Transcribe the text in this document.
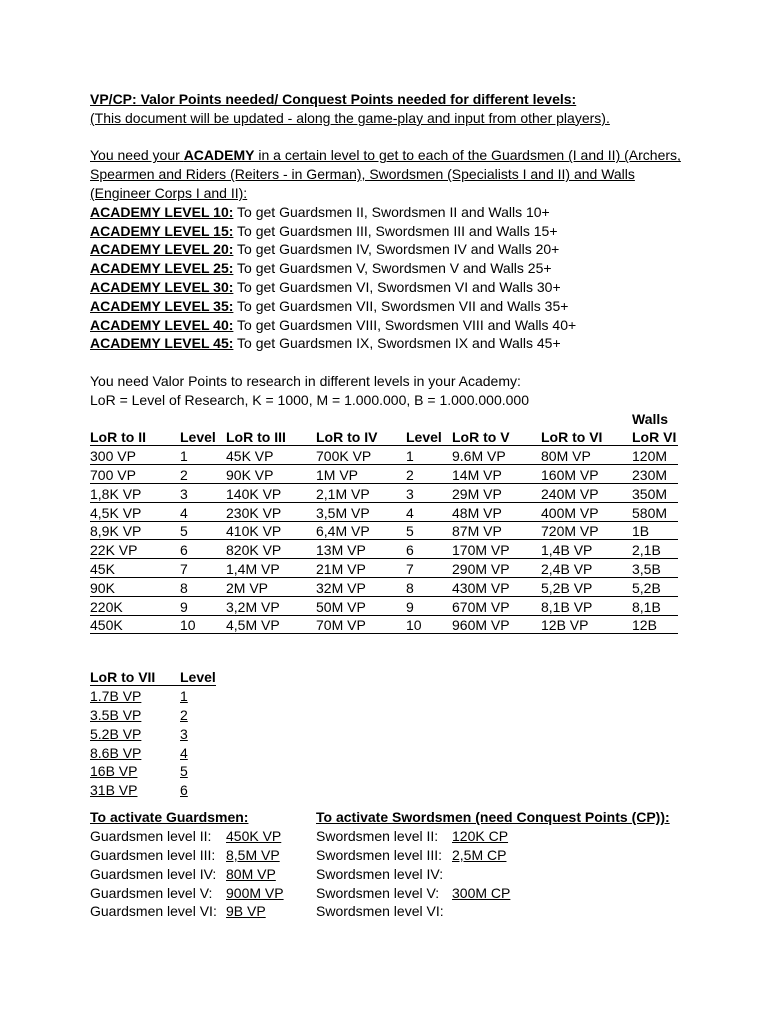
VP/CP: Valor Points needed/ Conquest Points needed for different levels:
(This document will be updated - along the game-play and input from other players).
You need your ACADEMY in a certain level to get to each of the Guardsmen (I and II) (Archers,
Spearmen and Riders (Reiters - in German), Swordsmen (Specialists I and II) and Walls
(Engineer Corps I and II):
ACADEMY LEVEL 10: To get Guardsmen II, Swordsmen II and Walls 10+
ACADEMY LEVEL 15: To get Guardsmen III, Swordsmen III and Walls 15+
ACADEMY LEVEL 20: To get Guardsmen IV, Swordsmen IV and Walls 20+
ACADEMY LEVEL 25: To get Guardsmen V, Swordsmen V and Walls 25+
ACADEMY LEVEL 30: To get Guardsmen VI, Swordsmen VI and Walls 30+
ACADEMY LEVEL 35: To get Guardsmen VII, Swordsmen VII and Walls 35+
ACADEMY LEVEL 40: To get Guardsmen VIII, Swordsmen VIII and Walls 40+
ACADEMY LEVEL 45: To get Guardsmen IX, Swordsmen IX and Walls 45+
You need Valor Points to research in different levels in your Academy:
LoR = Level of Research, K = 1000, M = 1.000.000, B = 1.000.000.000
Walls
LoR to II Level LoR to III LoR to IV Level LoR to V LoR to VI LoR VI
300 VP	1	45K VP	700K VP 1	9.6M VP	80M VP	120M
700 VP	2	90K VP	1M VP	2	14M VP	160M VP 230M
1,8K VP	3	140K VP 2,1M VP	3	29M VP	240M VP 350M
4,5K VP	4	230K VP 3,5M VP	4	48M VP	400M VP 580M
8,9K VP	5	410K VP 6,4M VP	5	87M VP	720M VP 1B
22K VP	6	820K VP 13M VP	6	170M VP 1,4B VP	2,1B
45K	7	1,4M VP	21M VP	7	290M VP 2,4B VP	3,5B
90K	8	2M VP	32M VP	8	430M VP 5,2B VP	5,2B
220K	9	3,2M VP	50M VP	9	670M VP 8,1B VP	8,1B
450K	10 4,5M VP	70M VP	10 960M VP 12B VP	12B
LoR to VII Level
1.7B VP	1
3.5B VP	2
5.2B VP	3
8.6B VP	4
16B VP	5
31B VP	6
To activate Guardsmen:	To activate Swordsmen (need Conquest Points (CP)):
Guardsmen level II: 450K VP
Guardsmen level III: 8,5M VP
Guardsmen level IV: 80M VP
Guardsmen level V: 900M VP
Guardsmen level VI: 9B VP
Swordsmen level II: 120K CP
Swordsmen level III: 2,5M CP
Swordsmen level IV:
Swordsmen level V: 300M CP
Swordsmen level VI:
